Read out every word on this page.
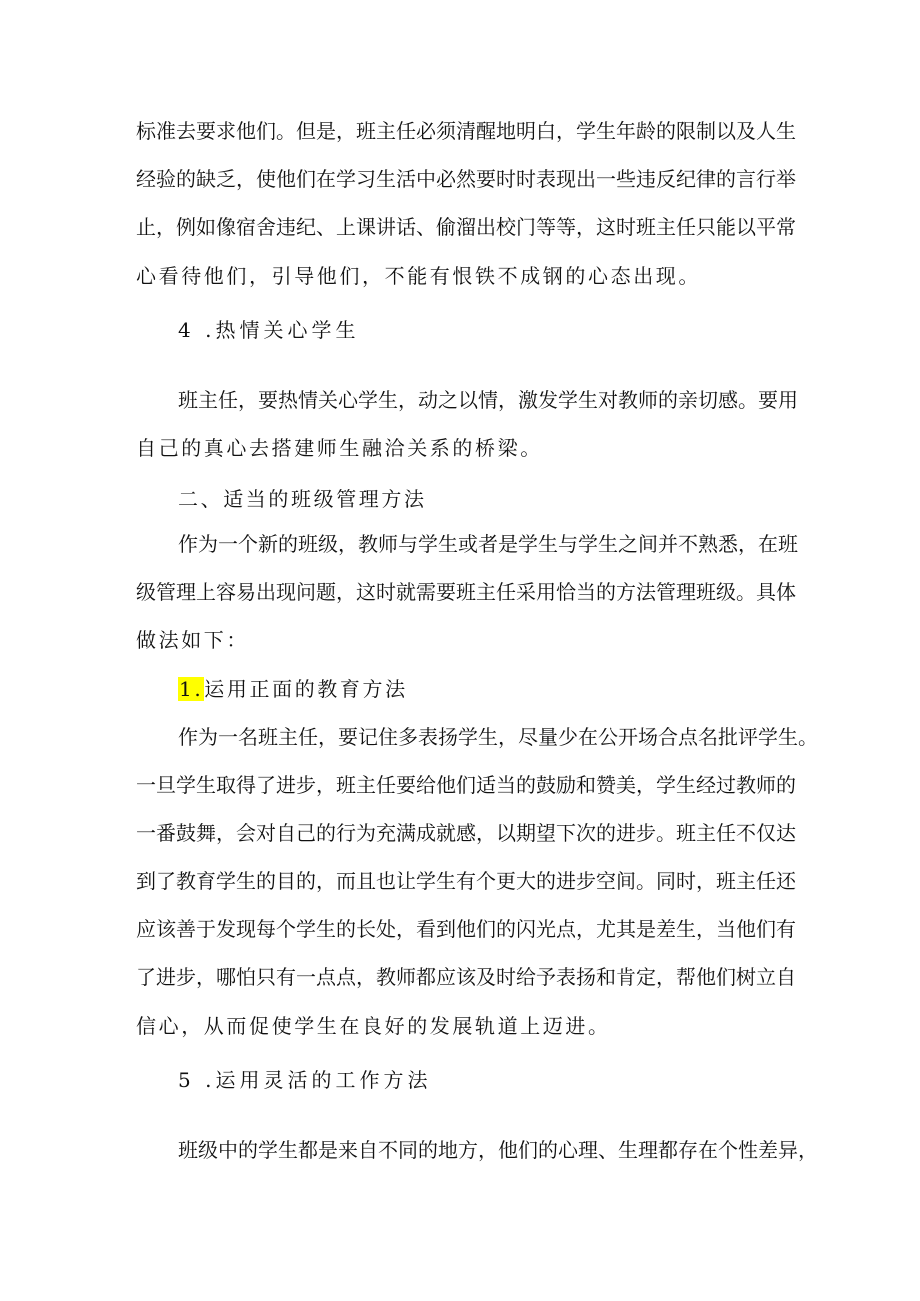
标准去要求他们。但是，班主任必须清醒地明白，学生年龄的限制以及人生
经验的缺乏，使他们在学习生活中必然要时时表现出一些违反纪律的言行举
止，例如像宿舍违纪、上课讲话、偷溜出校门等等，这时班主任只能以平常
心看待他们，引导他们，不能有恨铁不成钢的心态出现。
4 .热情关心学生
班主任，要热情关心学生，动之以情，激发学生对教师的亲切感。要用
自己的真心去搭建师生融洽关系的桥梁。
二、适当的班级管理方法
作为一个新的班级，教师与学生或者是学生与学生之间并不熟悉，在班
级管理上容易出现问题，这时就需要班主任采用恰当的方法管理班级。具体
做法如下：
1.运用正面的教育方法
作为一名班主任，要记住多表扬学生，尽量少在公开场合点名批评学生。
一旦学生取得了进步，班主任要给他们适当的鼓励和赞美，学生经过教师的
一番鼓舞，会对自己的行为充满成就感，以期望下次的进步。班主任不仅达
到了教育学生的目的，而且也让学生有个更大的进步空间。同时，班主任还
应该善于发现每个学生的长处，看到他们的闪光点，尤其是差生，当他们有
了进步，哪怕只有一点点，教师都应该及时给予表扬和肯定，帮他们树立自
信心，从而促使学生在良好的发展轨道上迈进。
5 .运用灵活的工作方法
班级中的学生都是来自不同的地方，他们的心理、生理都存在个性差异，
